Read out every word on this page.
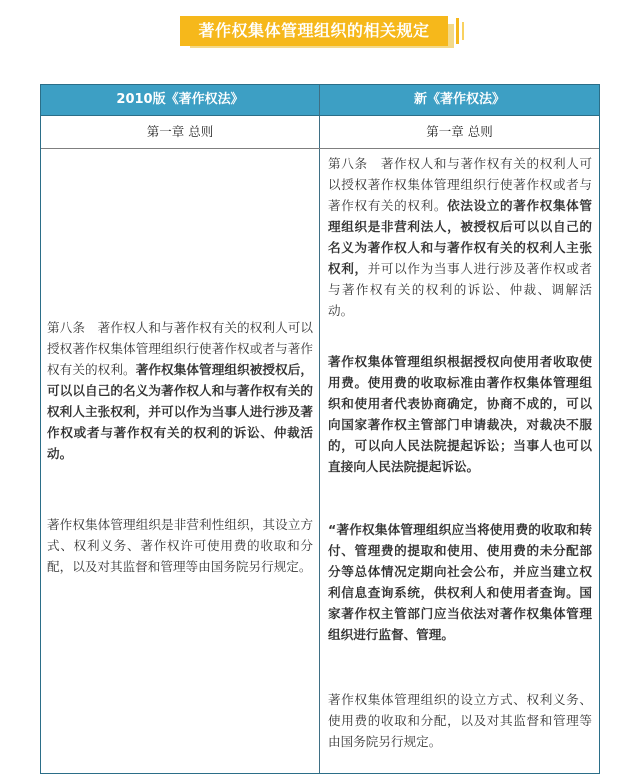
著作权集体管理组织的相关规定
2010版《著作权法》	新《著作权法》
第一章 总则	第一章 总则
第八条　著作权人和与著作权有关的权利人可以授权著作权集体管理组织行使著作权或者与著作权有关的权利。著作权集体管理组织被授权后，可以以自己的名义为著作权人和与著作权有关的权利人主张权利，并可以作为当事人进行涉及著作权或者与著作权有关的权利的诉讼、仲裁活动。
著作权集体管理组织是非营利性组织，其设立方式、权利义务、著作权许可使用费的收取和分配，以及对其监督和管理等由国务院另行规定。
第八条　著作权人和与著作权有关的权利人可以授权著作权集体管理组织行使著作权或者与著作权有关的权利。依法设立的著作权集体管理组织是非营利法人，被授权后可以以自己的名义为著作权人和与著作权有关的权利人主张权利，并可以作为当事人进行涉及著作权或者与著作权有关的权利的诉讼、仲裁、调解活动。
著作权集体管理组织根据授权向使用者收取使用费。使用费的收取标准由著作权集体管理组织和使用者代表协商确定，协商不成的，可以向国家著作权主管部门申请裁决，对裁决不服的，可以向人民法院提起诉讼；当事人也可以直接向人民法院提起诉讼。
“著作权集体管理组织应当将使用费的收取和转付、管理费的提取和使用、使用费的未分配部分等总体情况定期向社会公布，并应当建立权利信息查询系统，供权利人和使用者查询。国家著作权主管部门应当依法对著作权集体管理组织进行监督、管理。
著作权集体管理组织的设立方式、权利义务、使用费的收取和分配，以及对其监督和管理等由国务院另行规定。
